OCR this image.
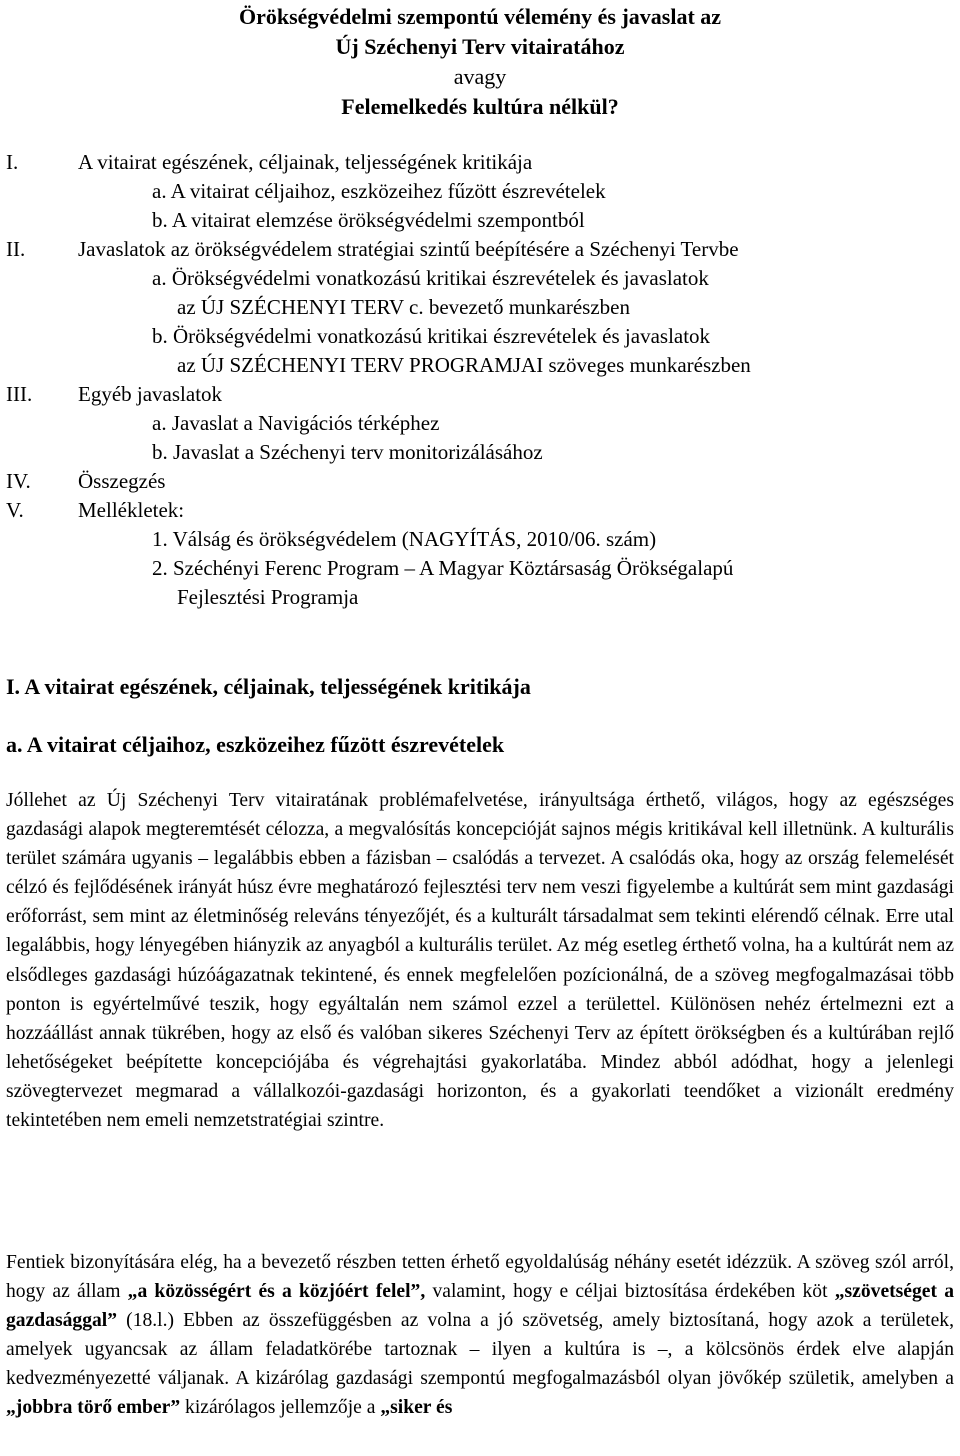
Örökségvédelmi szempontú vélemény és javaslat az
Új Széchenyi Terv vitairatához
avagy
Felemelkedés kultúra nélkül?
I.	A vitairat egészének, céljainak, teljességének kritikája
a. A vitairat céljaihoz, eszközeihez fűzött észrevételek
b. A vitairat elemzése örökségvédelmi szempontból
II.	Javaslatok az örökségvédelem stratégiai szintű beépítésére a Széchenyi Tervbe
a. Örökségvédelmi vonatkozású kritikai észrevételek és javaslatok
az ÚJ SZÉCHENYI TERV c. bevezető munkarészben
b. Örökségvédelmi vonatkozású kritikai észrevételek és javaslatok
az ÚJ SZÉCHENYI TERV PROGRAMJAI szöveges munkarészben
III. Egyéb javaslatok
a. Javaslat a Navigációs térképhez
b. Javaslat a Széchenyi terv monitorizálásához
IV. Összegzés
V.	Mellékletek:
1. Válság és örökségvédelem (NAGYÍTÁS, 2010/06. szám)
2. Széchényi Ferenc Program – A Magyar Köztársaság Örökségalapú
Fejlesztési Programja
I. A vitairat egészének, céljainak, teljességének kritikája
a. A vitairat céljaihoz, eszközeihez fűzött észrevételek

Jóllehet az Új Széchenyi Terv vitairatának problémafelvetése, irányultsága érthető, világos, hogy az egészséges gazdasági alapok megteremtését célozza, a megvalósítás koncepcióját sajnos mégis kritikával kell illetnünk. A kulturális terület számára ugyanis – legalábbis ebben a fázisban – csalódás a tervezet. A csalódás oka, hogy az ország felemelését célzó és fejlődésének irányát húsz évre meghatározó fejlesztési terv nem veszi figyelembe a kultúrát sem mint gazdasági erőforrást, sem mint az életminőség releváns tényezőjét, és a kulturált társadalmat sem tekinti elérendő célnak. Erre utal legalábbis, hogy lényegében hiányzik az anyagból a kulturális terület. Az még esetleg érthető volna, ha a kultúrát nem az elsődleges gazdasági húzóágazatnak tekintené, és ennek megfelelően pozícionálná, de a szöveg megfogalmazásai több ponton is egyértelművé teszik, hogy egyáltalán nem számol ezzel a területtel. Különösen nehéz értelmezni ezt a hozzáállást annak tükrében, hogy az első és valóban sikeres Széchenyi Terv az épített örökségben és a kultúrában rejlő lehetőségeket beépítette koncepciójába és végrehajtási gyakorlatába. Mindez abból adódhat, hogy a jelenlegi szövegtervezet megmarad a vállalkozói-gazdasági horizonton, és a gyakorlati teendőket a vizionált eredmény tekintetében nem emeli nemzetstratégiai szintre.

Fentiek bizonyítására elég, ha a bevezető részben tetten érhető egyoldalúság néhány esetét idézzük. A szöveg szól arról, hogy az állam „a közösségért és a közjóért felel”, valamint, hogy e céljai biztosítása érdekében köt „szövetséget a gazdasággal” (18.l.) Ebben az összefüggésben az volna a jó szövetség, amely biztosítaná, hogy azok a területek, amelyek ugyancsak az állam feladatkörébe tartoznak – ilyen a kultúra is –, a kölcsönös érdek elve alapján kedvezményezetté váljanak. A kizárólag gazdasági szempontú megfogalmazásból olyan jövőkép születik, amelyben a „jobbra törő ember” kizárólagos jellemzője a „siker és
